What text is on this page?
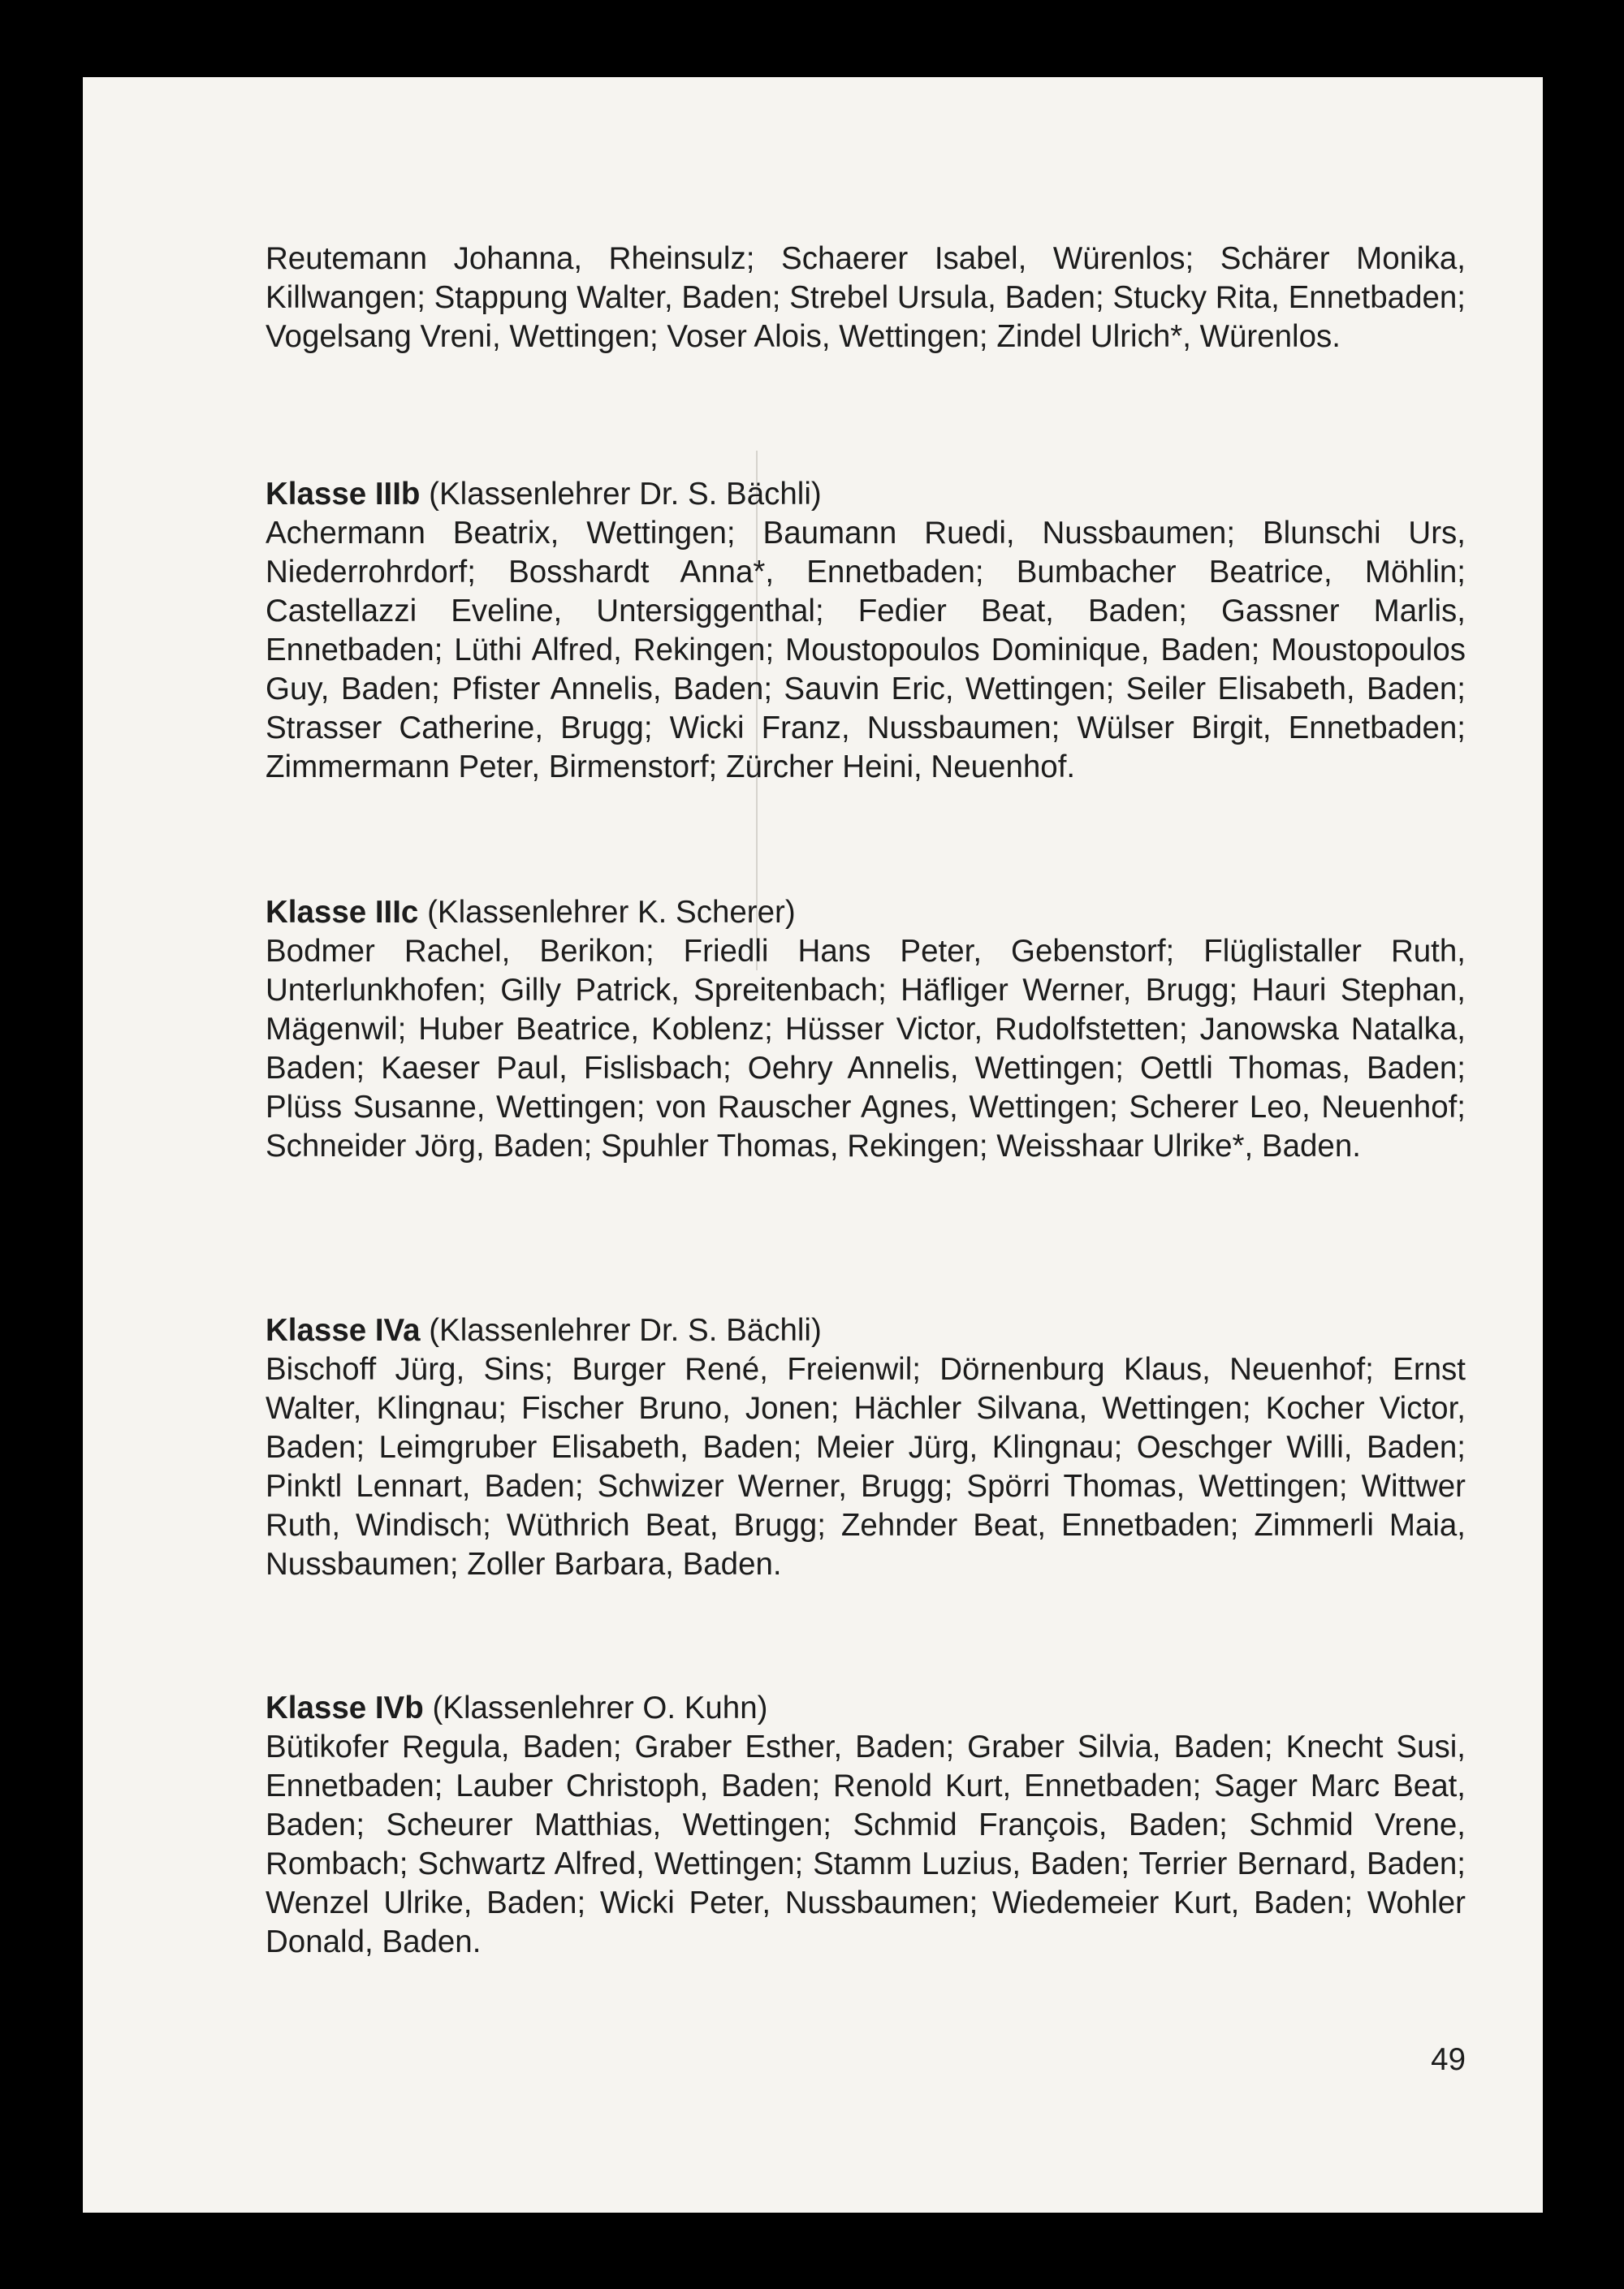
Reutemann Johanna, Rheinsulz; Schaerer Isabel, Würenlos; Schärer Monika, Killwangen; Stappung Walter, Baden; Strebel Ursula, Baden; Stucky Rita, Ennetbaden; Vogelsang Vreni, Wettingen; Voser Alois, Wettingen; Zindel Ulrich*, Würenlos.

Klasse IIIb (Klassenlehrer Dr. S. Bächli)

Achermann Beatrix, Wettingen; Baumann Ruedi, Nussbaumen; Blunschi Urs, Niederrohrdorf; Bosshardt Anna*, Ennetbaden; Bumbacher Beatrice, Möhlin; Castellazzi Eveline, Untersiggenthal; Fedier Beat, Baden; Gassner Marlis, Ennetbaden; Lüthi Alfred, Rekingen; Moustopoulos Dominique, Baden; Moustopoulos Guy, Baden; Pfister Annelis, Baden; Sauvin Eric, Wettingen; Seiler Elisabeth, Baden; Strasser Catherine, Brugg; Wicki Franz, Nussbaumen; Wülser Birgit, Ennetbaden; Zimmermann Peter, Birmenstorf; Zürcher Heini, Neuenhof.

Klasse IIIc (Klassenlehrer K. Scherer)

Bodmer Rachel, Berikon; Friedli Hans Peter, Gebenstorf; Flüglistaller Ruth, Unterlunkhofen; Gilly Patrick, Spreitenbach; Häfliger Werner, Brugg; Hauri Stephan, Mägenwil; Huber Beatrice, Koblenz; Hüsser Victor, Rudolfstetten; Janowska Natalka, Baden; Kaeser Paul, Fislisbach; Oehry Annelis, Wettingen; Oettli Thomas, Baden; Plüss Susanne, Wettingen; von Rauscher Agnes, Wettingen; Scherer Leo, Neuenhof; Schneider Jörg, Baden; Spuhler Thomas, Rekingen; Weisshaar Ulrike*, Baden.

Klasse IVa (Klassenlehrer Dr. S. Bächli)

Bischoff Jürg, Sins; Burger René, Freienwil; Dörnenburg Klaus, Neuenhof; Ernst Walter, Klingnau; Fischer Bruno, Jonen; Hächler Silvana, Wettingen; Kocher Victor, Baden; Leimgruber Elisabeth, Baden; Meier Jürg, Klingnau; Oeschger Willi, Baden; Pinktl Lennart, Baden; Schwizer Werner, Brugg; Spörri Thomas, Wettingen; Wittwer Ruth, Windisch; Wüthrich Beat, Brugg; Zehnder Beat, Ennetbaden; Zimmerli Maia, Nussbaumen; Zoller Barbara, Baden.

Klasse IVb (Klassenlehrer O. Kuhn)

Bütikofer Regula, Baden; Graber Esther, Baden; Graber Silvia, Baden; Knecht Susi, Ennetbaden; Lauber Christoph, Baden; Renold Kurt, Ennetbaden; Sager Marc Beat, Baden; Scheurer Matthias, Wettingen; Schmid François, Baden; Schmid Vrene, Rombach; Schwartz Alfred, Wettingen; Stamm Luzius, Baden; Terrier Bernard, Baden; Wenzel Ulrike, Baden; Wicki Peter, Nussbaumen; Wiedemeier Kurt, Baden; Wohler Donald, Baden.

49
